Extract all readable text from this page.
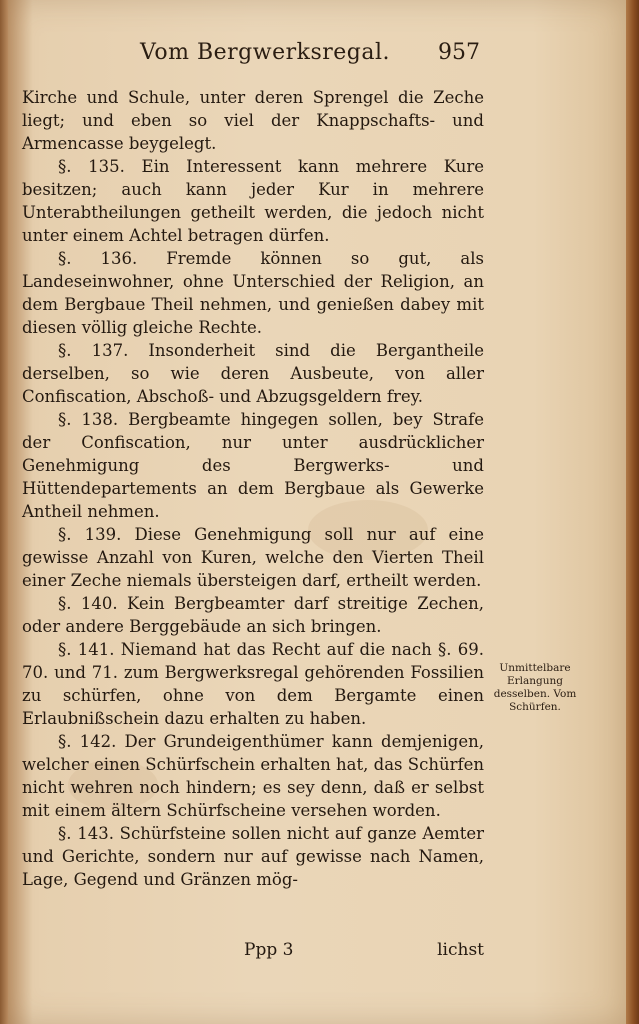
Vom Bergwerksregal. 957

Kirche und Schule, unter deren Sprengel die Zeche liegt; und eben so viel der Knappschafts- und Armencasse beygelegt.

§. 135. Ein Interessent kann mehrere Kure besitzen; auch kann jeder Kur in mehrere Unterabtheilungen getheilt werden, die jedoch nicht unter einem Achtel betragen dürfen.

§. 136. Fremde können so gut, als Landeseinwohner, ohne Unterschied der Religion, an dem Bergbaue Theil nehmen, und genießen dabey mit diesen völlig gleiche Rechte.

§. 137. Insonderheit sind die Bergantheile derselben, so wie deren Ausbeute, von aller Confiscation, Abschoß- und Abzugsgeldern frey.

§. 138. Bergbeamte hingegen sollen, bey Strafe der Confiscation, nur unter ausdrücklicher Genehmigung des Bergwerks- und Hüttendepartements an dem Bergbaue als Gewerke Antheil nehmen.

§. 139. Diese Genehmigung soll nur auf eine gewisse Anzahl von Kuren, welche den Vierten Theil einer Zeche niemals übersteigen darf, ertheilt werden.

§. 140. Kein Bergbeamter darf streitige Zechen, oder andere Berggebäude an sich bringen.

§. 141. Niemand hat das Recht auf die nach §. 69. 70. und 71. zum Bergwerksregal gehörenden Fossilien zu schürfen, ohne von dem Bergamte einen Erlaubnißschein dazu erhalten zu haben.

§. 142. Der Grundeigenthümer kann demjenigen, welcher einen Schürfschein erhalten hat, das Schürfen nicht wehren noch hindern; es sey denn, daß er selbst mit einem ältern Schürfscheine versehen worden.

§. 143. Schürfsteine sollen nicht auf ganze Aemter und Gerichte, sondern nur auf gewisse nach Namen, Lage, Gegend und Gränzen mög-

Unmittelbare Erlangung desselben. Vom Schürfen.
Ppp 3	lichst
